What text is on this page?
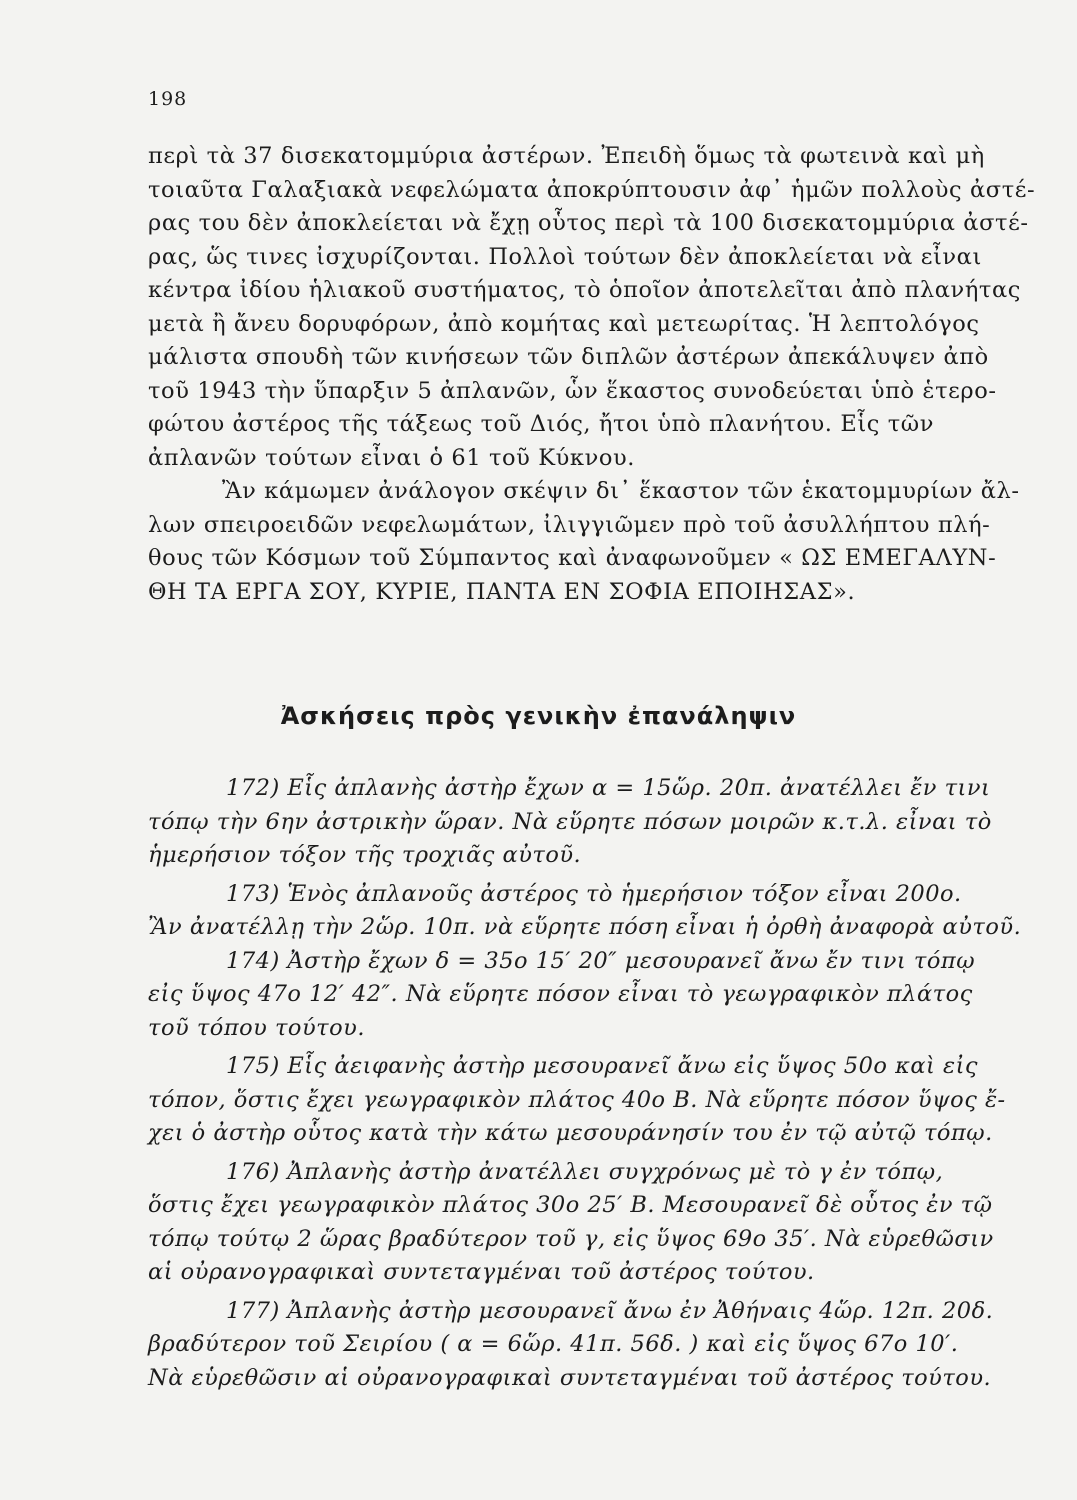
198
περὶ τὰ 37 δισεκατομμύρια ἀστέρων. Ἐπειδὴ ὅμως τὰ φωτεινὰ καὶ μὴ
τοιαῦτα Γαλαξιακὰ νεφελώματα ἀποκρύπτουσιν ἀφ᾽ ἡμῶν πολλοὺς ἀστέ-
ρας του δὲν ἀποκλείεται νὰ ἔχῃ οὗτος περὶ τὰ 100 δισεκατομμύρια ἀστέ-
ρας, ὥς τινες ἰσχυρίζονται. Πολλοὶ τούτων δὲν ἀποκλείεται νὰ εἶναι
κέντρα ἰδίου ἡλιακοῦ συστήματος, τὸ ὁποῖον ἀποτελεῖται ἀπὸ πλανήτας
μετὰ ἢ ἄνευ δορυφόρων, ἀπὸ κομήτας καὶ μετεωρίτας. Ἡ λεπτολόγος
μάλιστα σπουδὴ τῶν κινήσεων τῶν διπλῶν ἀστέρων ἀπεκάλυψεν ἀπὸ
τοῦ 1943 τὴν ὕπαρξιν 5 ἀπλανῶν, ὧν ἕκαστος συνοδεύεται ὑπὸ ἑτερο-
φώτου ἀστέρος τῆς τάξεως τοῦ Διός, ἤτοι ὑπὸ πλανήτου. Εἷς τῶν
ἀπλανῶν τούτων εἶναι ὁ 61 τοῦ Κύκνου.
Ἂν κάμωμεν ἀνάλογον σκέψιν δι᾽ ἕκαστον τῶν ἑκατομμυρίων ἄλ-
λων σπειροειδῶν νεφελωμάτων, ἰλιγγιῶμεν πρὸ τοῦ ἀσυλλήπτου πλή-
θους τῶν Κόσμων τοῦ Σύμπαντος καὶ ἀναφωνοῦμεν « ΩΣ ΕΜΕΓΑΛΥΝ-
ΘΗ ΤΑ ΕΡΓΑ ΣΟΥ, ΚΥΡΙΕ, ΠΑΝΤΑ ΕΝ ΣΟΦΙΑ ΕΠΟΙΗΣΑΣ».
Ἀσκήσεις πρὸς γενικὴν ἐπανάληψιν
172) Εἷς ἀπλανὴς ἀστὴρ ἔχων α = 15ὥρ. 20π. ἀνατέλλει ἔν τινι
τόπῳ τὴν 6ην ἀστρικὴν ὥραν. Νὰ εὕρητε πόσων μοιρῶν κ.τ.λ. εἶναι τὸ
ἡμερήσιον τόξον τῆς τροχιᾶς αὐτοῦ.
173) Ἑνὸς ἀπλανοῦς ἀστέρος τὸ ἡμερήσιον τόξον εἶναι 200ο.
Ἂν ἀνατέλλῃ τὴν 2ὥρ. 10π. νὰ εὕρητε πόση εἶναι ἡ ὀρθὴ ἀναφορὰ αὐτοῦ.
174) Ἀστὴρ ἔχων δ = 35ο 15′ 20″ μεσουρανεῖ ἄνω ἔν τινι τόπῳ
εἰς ὕψος 47ο 12′ 42″. Νὰ εὕρητε πόσον εἶναι τὸ γεωγραφικὸν πλάτος
τοῦ τόπου τούτου.
175) Εἷς ἀειφανὴς ἀστὴρ μεσουρανεῖ ἄνω εἰς ὕψος 50ο καὶ εἰς
τόπον, ὅστις ἔχει γεωγραφικὸν πλάτος 40ο Β. Νὰ εὕρητε πόσον ὕψος ἔ-
χει ὁ ἀστὴρ οὗτος κατὰ τὴν κάτω μεσουράνησίν του ἐν τῷ αὐτῷ τόπῳ.
176) Ἀπλανὴς ἀστὴρ ἀνατέλλει συγχρόνως μὲ τὸ γ ἐν τόπῳ,
ὅστις ἔχει γεωγραφικὸν πλάτος 30ο 25′ Β. Μεσουρανεῖ δὲ οὗτος ἐν τῷ
τόπῳ τούτῳ 2 ὥρας βραδύτερον τοῦ γ, εἰς ὕψος 69ο 35′. Νὰ εὑρεθῶσιν
αἱ οὐρανογραφικαὶ συντεταγμέναι τοῦ ἀστέρος τούτου.
177) Ἀπλανὴς ἀστὴρ μεσουρανεῖ ἄνω ἐν Ἀθήναις 4ὥρ. 12π. 20δ.
βραδύτερον τοῦ Σειρίου ( α = 6ὥρ. 41π. 56δ. ) καὶ εἰς ὕψος 67ο 10′.
Νὰ εὑρεθῶσιν αἱ οὐρανογραφικαὶ συντεταγμέναι τοῦ ἀστέρος τούτου.
